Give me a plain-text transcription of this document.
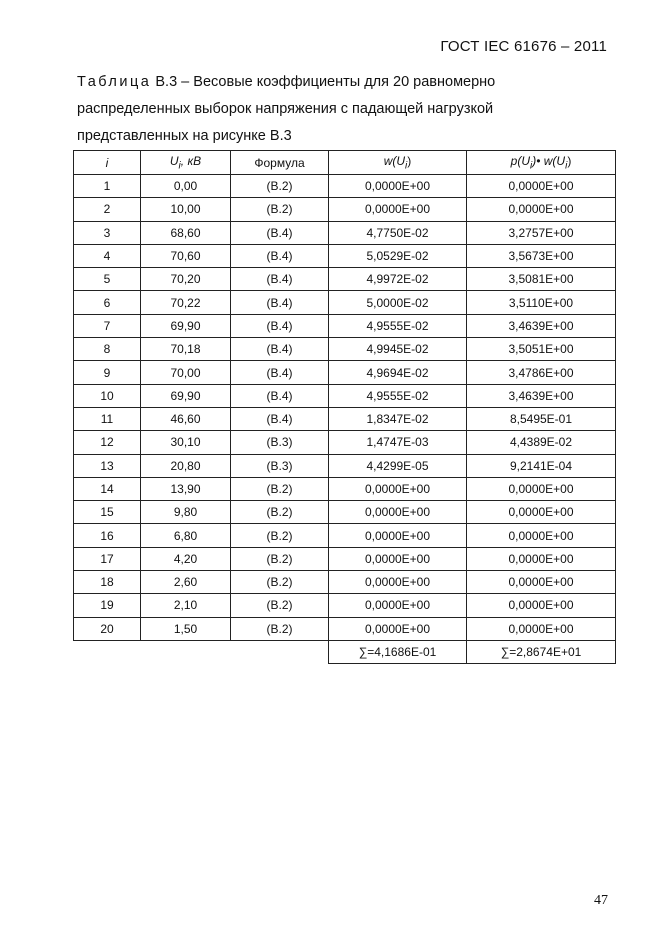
ГОСТ IEC 61676 – 2011
Таблица В.3 – Весовые коэффициенты для 20 равномерно
распределенных выборок напряжения с падающей нагрузкой
представленных на рисунке В.3
i	$U_i$, кВ	Формула	$w(U_i)$	$p(U_i)•$ $w(U_i)$
1	0,00	(В.2)	0,0000E+00	0,0000E+00
2	10,00	(В.2)	0,0000E+00	0,0000E+00
3	68,60	(В.4)	4,7750E-02	3,2757E+00
4	70,60	(В.4)	5,0529E-02	3,5673E+00
5	70,20	(В.4)	4,9972E-02	3,5081E+00
6	70,22	(В.4)	5,0000E-02	3,5110E+00
7	69,90	(В.4)	4,9555E-02	3,4639E+00
8	70,18	(В.4)	4,9945E-02	3,5051E+00
9	70,00	(В.4)	4,9694E-02	3,4786E+00
10	69,90	(В.4)	4,9555E-02	3,4639E+00
11	46,60	(В.4)	1,8347E-02	8,5495E-01
12	30,10	(В.3)	1,4747E-03	4,4389E-02
13	20,80	(В.3)	4,4299E-05	9,2141E-04
14	13,90	(В.2)	0,0000E+00	0,0000E+00
15	9,80	(В.2)	0,0000E+00	0,0000E+00
16	6,80	(В.2)	0,0000E+00	0,0000E+00
17	4,20	(В.2)	0,0000E+00	0,0000E+00
18	2,60	(В.2)	0,0000E+00	0,0000E+00
19	2,10	(В.2)	0,0000E+00	0,0000E+00
20	1,50	(В.2)	0,0000E+00	0,0000E+00
			∑=4,1686E-01	∑=2,8674E+01
47
